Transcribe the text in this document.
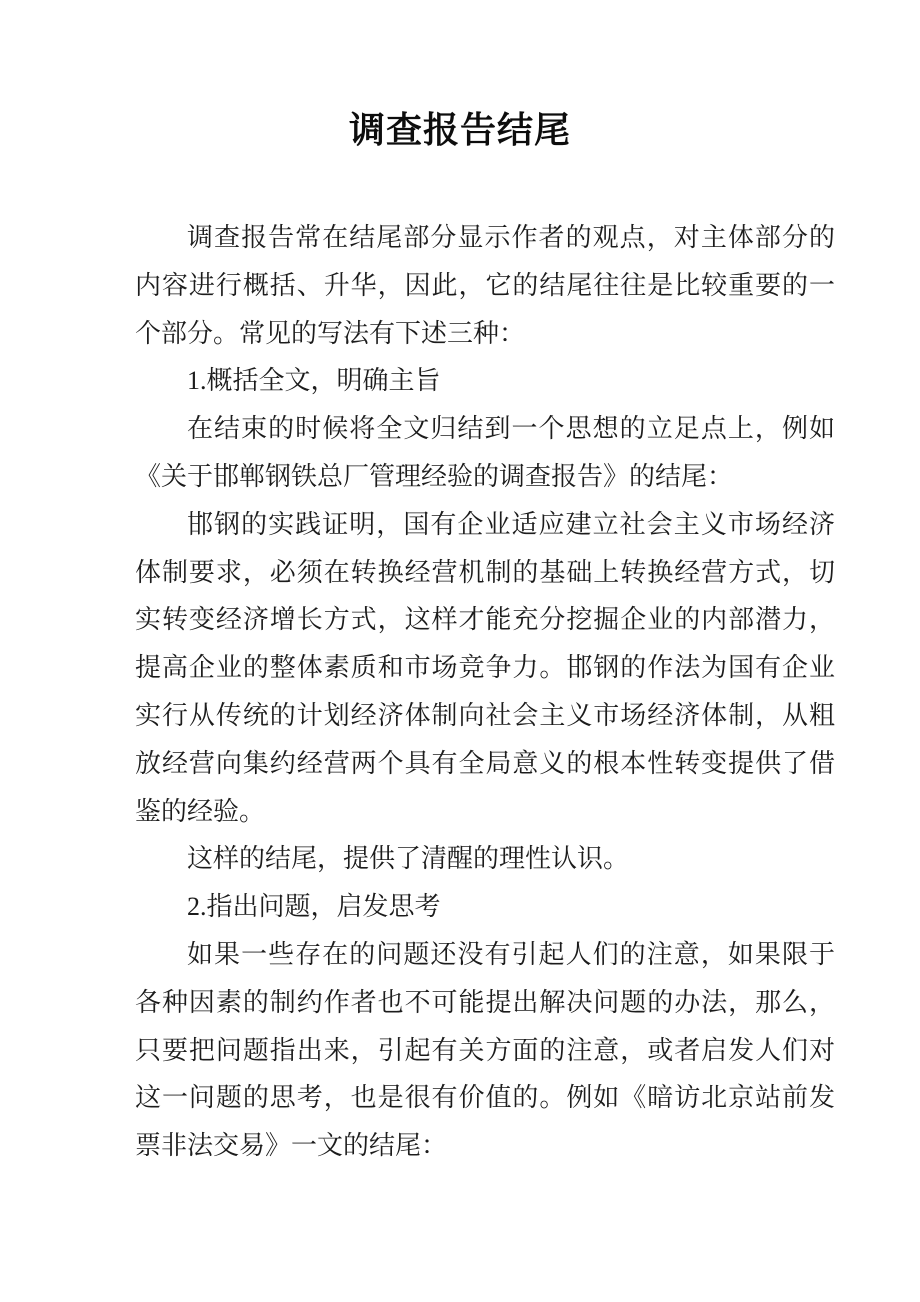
调查报告结尾

调查报告常在结尾部分显示作者的观点，对主体部分的内容进行概括、升华，因此，它的结尾往往是比较重要的一个部分。常见的写法有下述三种：

1.概括全文，明确主旨

在结束的时候将全文归结到一个思想的立足点上，例如《关于邯郸钢铁总厂管理经验的调查报告》的结尾：

邯钢的实践证明，国有企业适应建立社会主义市场经济体制要求，必须在转换经营机制的基础上转换经营方式，切实转变经济增长方式，这样才能充分挖掘企业的内部潜力，提高企业的整体素质和市场竞争力。邯钢的作法为国有企业实行从传统的计划经济体制向社会主义市场经济体制，从粗放经营向集约经营两个具有全局意义的根本性转变提供了借鉴的经验。

这样的结尾，提供了清醒的理性认识。

2.指出问题，启发思考

如果一些存在的问题还没有引起人们的注意，如果限于各种因素的制约作者也不可能提出解决问题的办法，那么，只要把问题指出来，引起有关方面的注意，或者启发人们对这一问题的思考，也是很有价值的。例如《暗访北京站前发票非法交易》一文的结尾：
